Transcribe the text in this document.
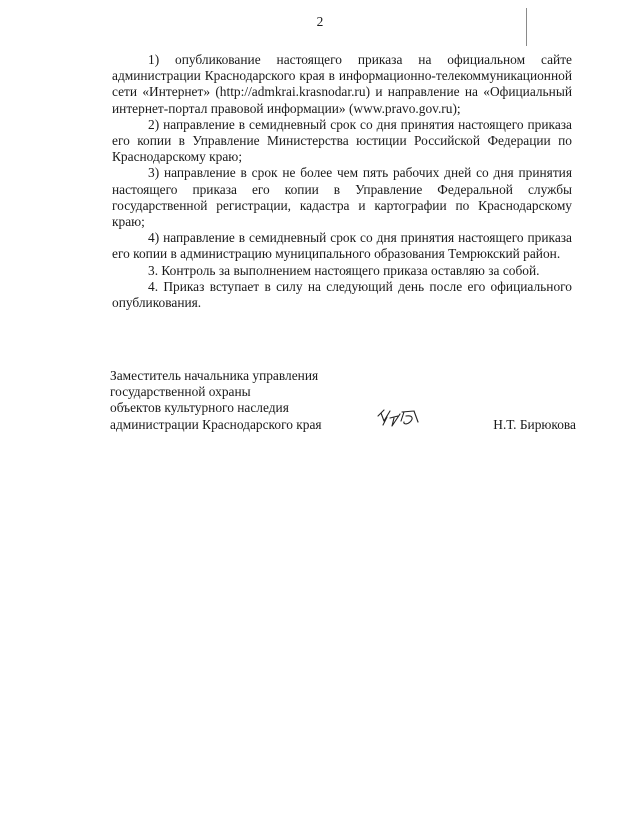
2

1) опубликование настоящего приказа на официальном сайте администрации Краснодарского края в информационно-телекоммуникационной сети «Интернет» (http://admkrai.krasnodar.ru) и направление на «Официальный интернет-портал правовой информации» (www.pravo.gov.ru);

2) направление в семидневный срок со дня принятия настоящего приказа его копии в Управление Министерства юстиции Российской Федерации по Краснодарскому краю;

3) направление в срок не более чем пять рабочих дней со дня принятия настоящего приказа его копии в Управление Федеральной службы государственной регистрации, кадастра и картографии по Краснодарскому краю;

4) направление в семидневный срок со дня принятия настоящего приказа его копии в администрацию муниципального образования Темрюкский район.

3. Контроль за выполнением настоящего приказа оставляю за собой.

4. Приказ вступает в силу на следующий день после его официального опубликования.

Заместитель начальника управления
государственной охраны
объектов культурного наследия
администрации Краснодарского края	Н.Т. Бирюкова
